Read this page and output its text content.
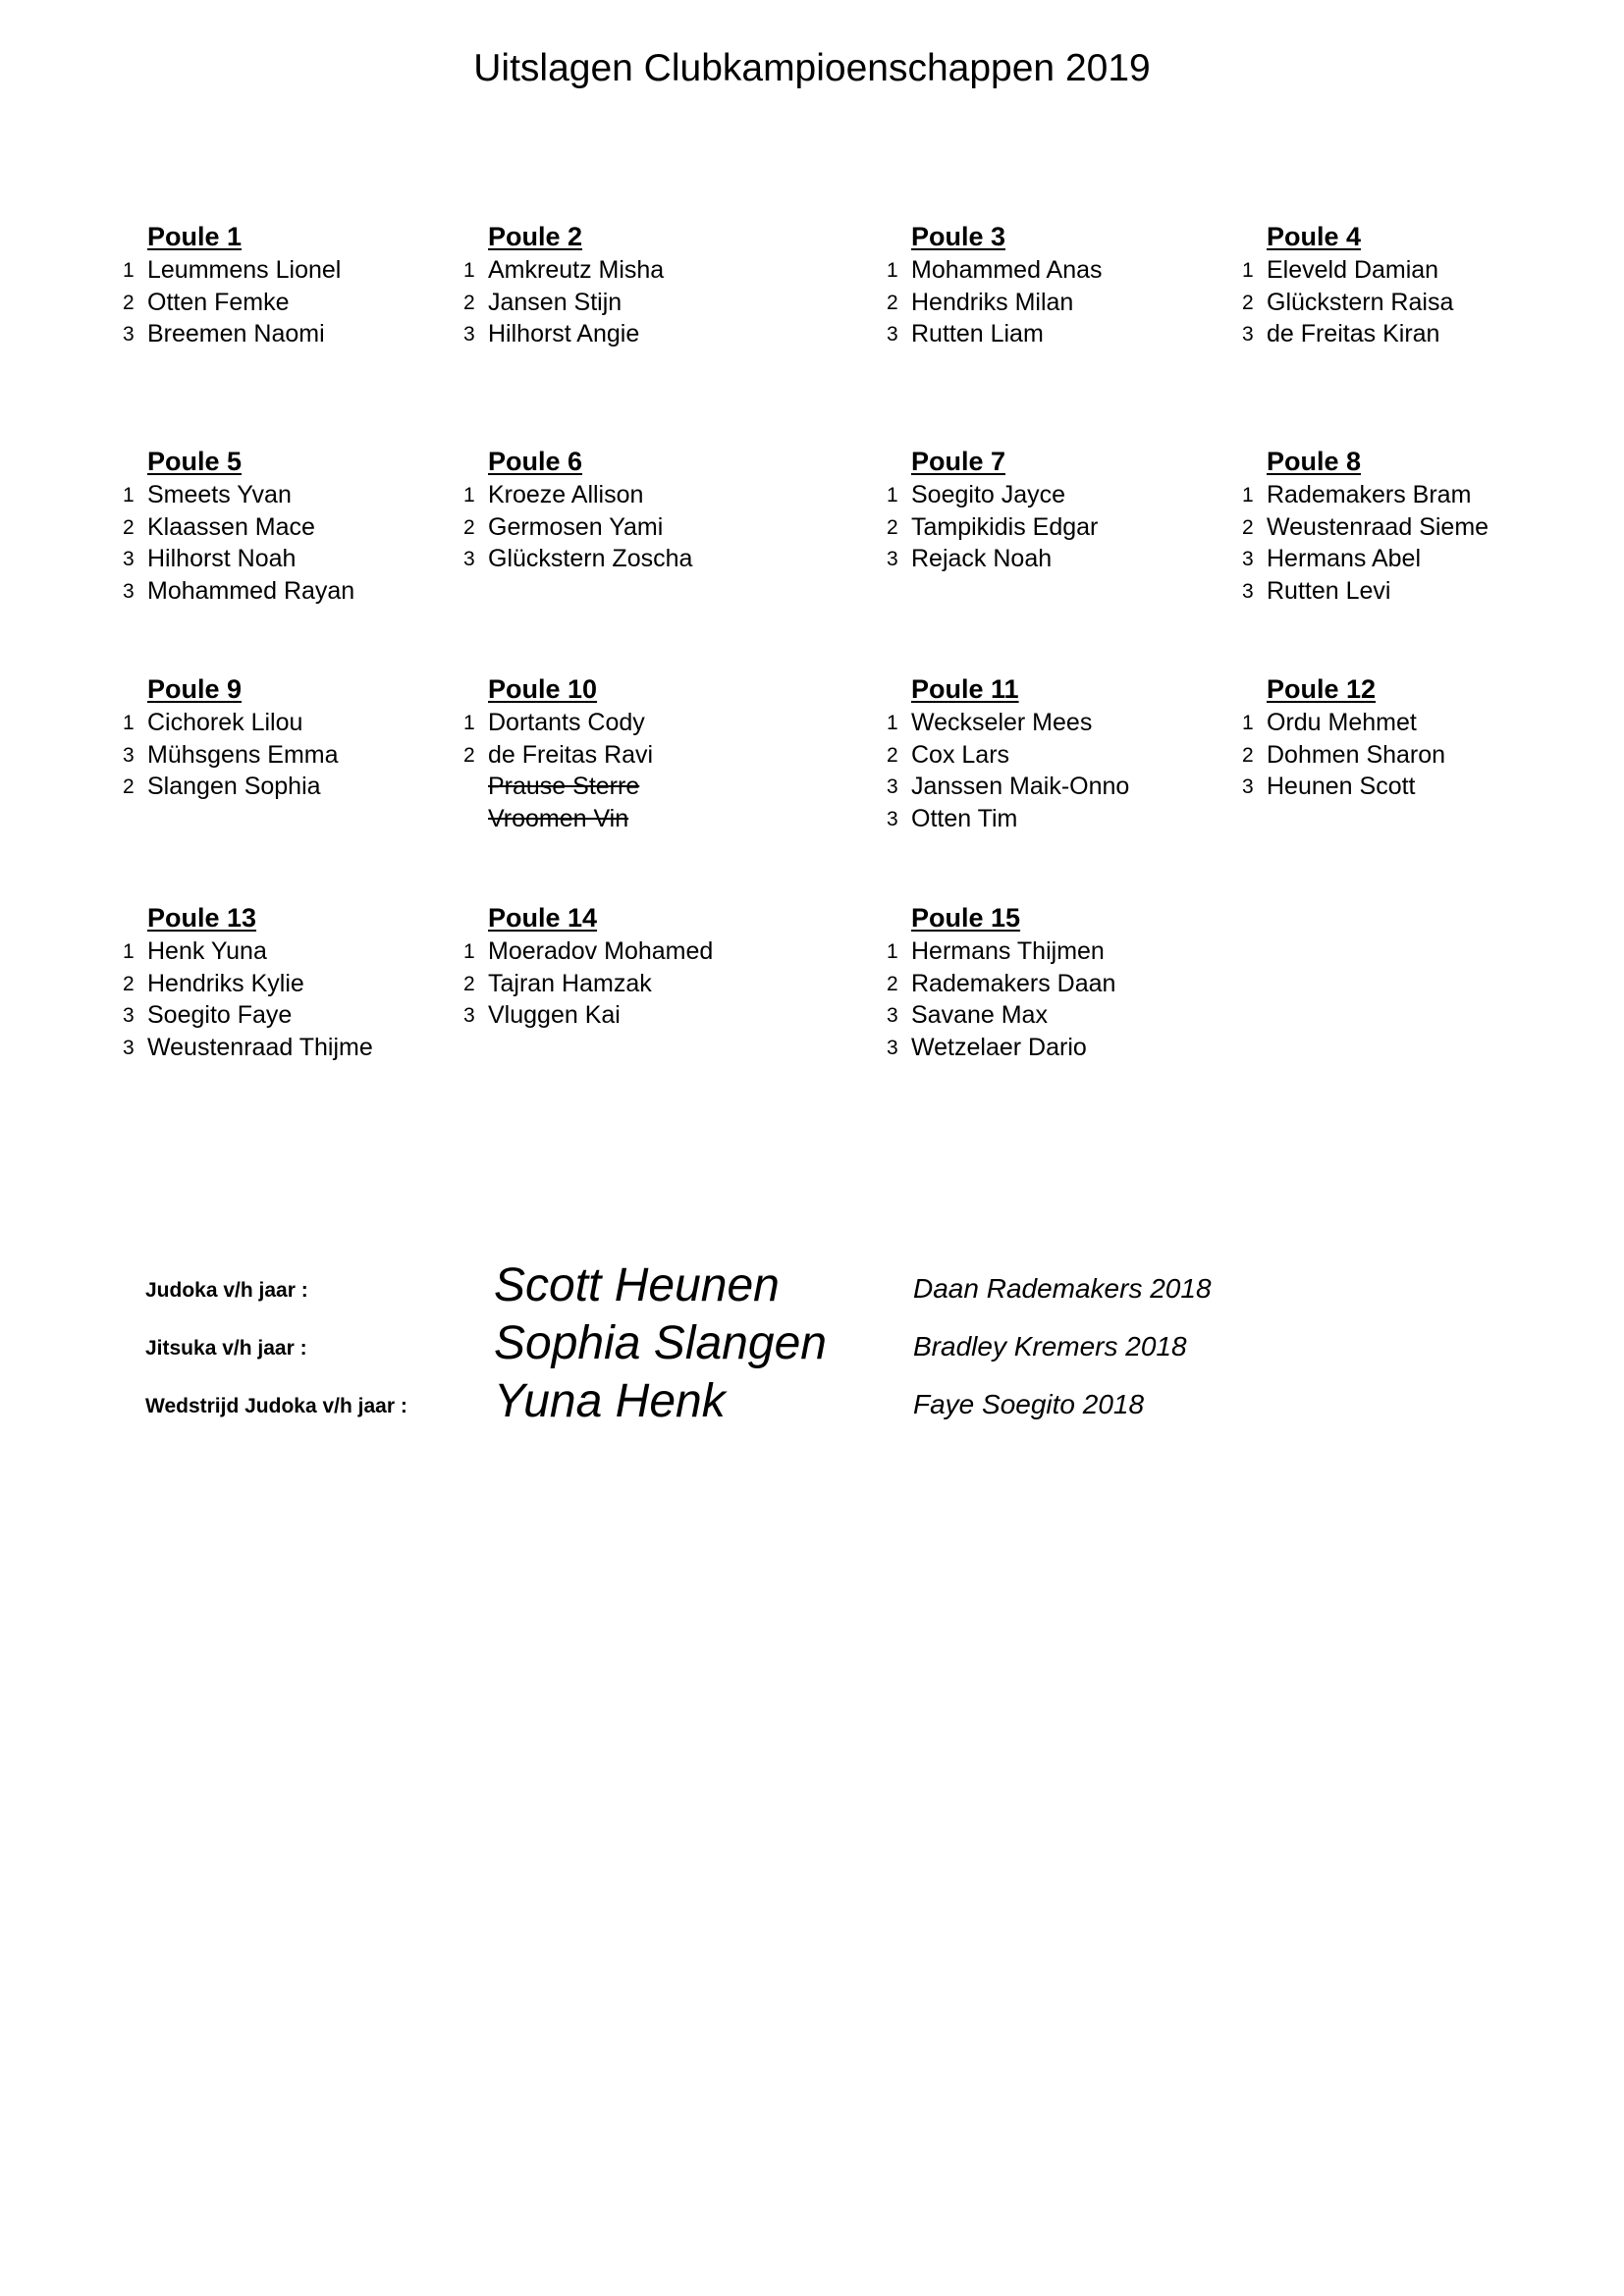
Uitslagen Clubkampioenschappen 2019
Poule 1
1 Leummens Lionel
2 Otten Femke
3 Breemen Naomi
Poule 2
1 Amkreutz Misha
2 Jansen Stijn
3 Hilhorst Angie
Poule 3
1 Mohammed Anas
2 Hendriks Milan
3 Rutten Liam
Poule 4
1 Eleveld Damian
2 Glückstern Raisa
3 de Freitas Kiran
Poule 5
1 Smeets Yvan
2 Klaassen Mace
3 Hilhorst Noah
3 Mohammed Rayan
Poule 6
1 Kroeze Allison
2 Germosen Yami
3 Glückstern Zoscha
Poule 7
1 Soegito Jayce
2 Tampikidis Edgar
3 Rejack Noah
Poule 8
1 Rademakers Bram
2 Weustenraad Sieme
3 Hermans Abel
3 Rutten Levi
Poule 9
1 Cichorek Lilou
3 Mühsgens Emma
2 Slangen Sophia
Poule 10
1 Dortants Cody
2 de Freitas Ravi
Prause Sterre
Vroomen Vin
Poule 11
1 Weckseler Mees
2 Cox Lars
3 Janssen Maik-Onno
3 Otten Tim
Poule 12
1 Ordu Mehmet
2 Dohmen Sharon
3 Heunen Scott
Poule 13
1 Henk Yuna
2 Hendriks Kylie
3 Soegito Faye
3 Weustenraad Thijme
Poule 14
1 Moeradov Mohamed
2 Tajran Hamzak
3 Vluggen Kai
Poule 15
1 Hermans Thijmen
2 Rademakers Daan
3 Savane Max
3 Wetzelaer Dario
Judoka v/h jaar :	Scott Heunen	Daan Rademakers 2018
Jitsuka v/h jaar :	Sophia Slangen	Bradley Kremers 2018
Wedstrijd Judoka v/h jaar : Yuna Henk	Faye Soegito 2018
